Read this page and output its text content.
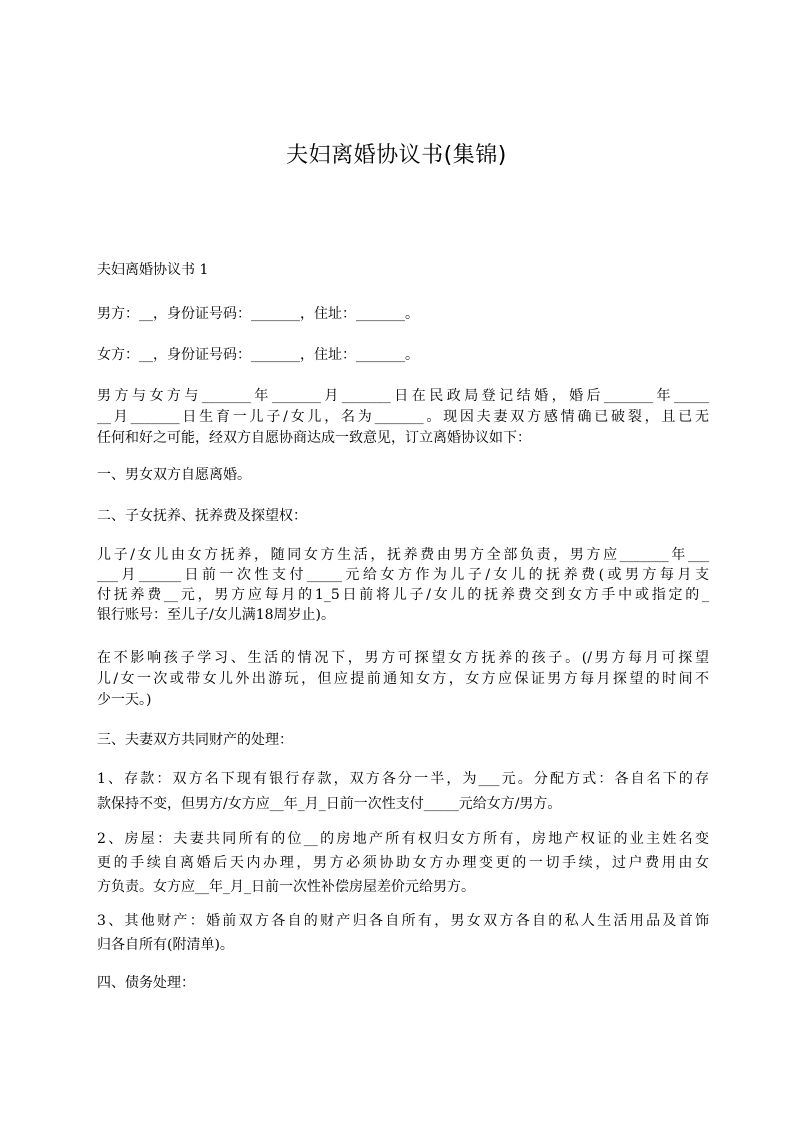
夫妇离婚协议书(集锦)
夫妇离婚协议书 1
男方：__，身份证号码：_______，住址：_______。
女方：__，身份证号码：_______，住址：_______。
男方与女方与_______年_______月_______日在民政局登记结婚，婚后_______年_____
__月_______日生育一儿子/女儿，名为_______。现因夫妻双方感情确已破裂，且已无
任何和好之可能，经双方自愿协商达成一致意见，订立离婚协议如下：
一、男女双方自愿离婚。
二、子女抚养、抚养费及探望权：
儿子/女儿由女方抚养，随同女方生活，抚养费由男方全部负责，男方应_______年___
___月______日前一次性支付_____元给女方作为儿子/女儿的抚养费(或男方每月支
付抚养费__元，男方应每月的1_5日前将儿子/女儿的抚养费交到女方手中或指定的_
银行账号：至儿子/女儿满18周岁止)。
在不影响孩子学习、生活的情况下，男方可探望女方抚养的孩子。(/男方每月可探望
儿/女一次或带女儿外出游玩，但应提前通知女方，女方应保证男方每月探望的时间不
少一天。)
三、夫妻双方共同财产的处理：
1、存款：双方名下现有银行存款，双方各分一半，为___元。分配方式：各自名下的存
款保持不变，但男方/女方应__年_月_日前一次性支付_____元给女方/男方。
2、房屋：夫妻共同所有的位__的房地产所有权归女方所有，房地产权证的业主姓名变
更的手续自离婚后天内办理，男方必须协助女方办理变更的一切手续，过户费用由女
方负责。女方应__年_月_日前一次性补偿房屋差价元给男方。
3、其他财产：婚前双方各自的财产归各自所有，男女双方各自的私人生活用品及首饰
归各自所有(附清单)。
四、债务处理：
